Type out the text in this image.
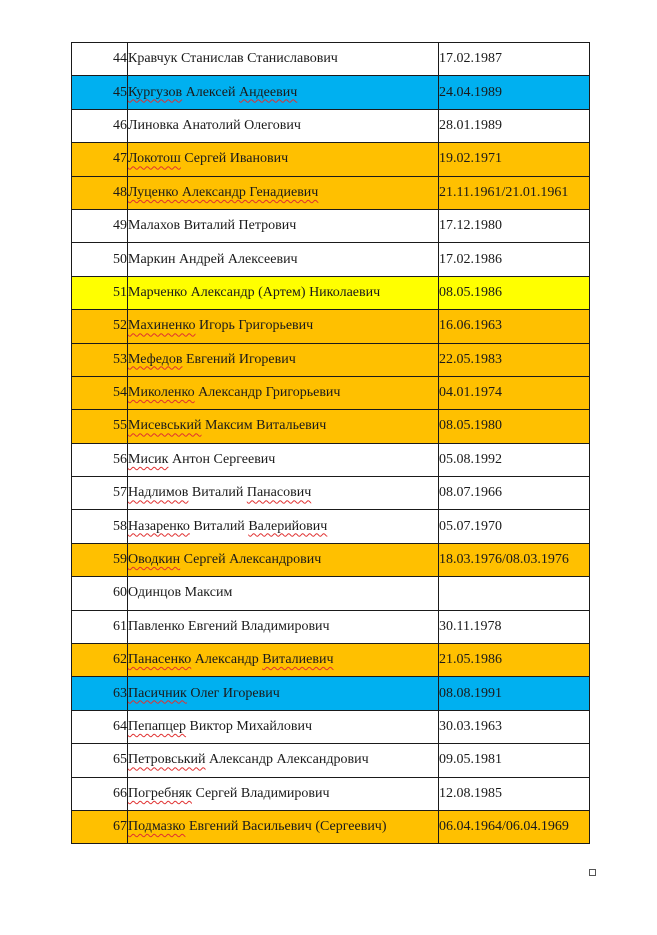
44	Кравчук Станислав Станиславович	17.02.1987
45	Кургузов Алексей Андеевич	24.04.1989
46	Линовка Анатолий Олегович	28.01.1989
47	Локотош Сергей Иванович	19.02.1971
48	Луценко Александр Генадиевич	21.11.1961/21.01.1961
49	Малахов Виталий Петрович	17.12.1980
50	Маркин Андрей Алексеевич	17.02.1986
51	Марченко Александр (Артем) Николаевич	08.05.1986
52	Махиненко Игорь Григорьевич	16.06.1963
53	Мефедов Евгений Игоревич	22.05.1983
54	Миколенко Александр Григорьевич	04.01.1974
55	Мисевський Максим Витальевич	08.05.1980
56	Мисик Антон Сергеевич	05.08.1992
57	Надлимов Виталий Панасович	08.07.1966
58	Назаренко Виталий Валерийович	05.07.1970
59	Оводкин Сергей Александрович	18.03.1976/08.03.1976
60	Одинцов Максим	
61	Павленко Евгений Владимирович	30.11.1978
62	Панасенко Александр Виталиевич	21.05.1986
63	Пасичник Олег Игоревич	08.08.1991
64	Пепапцер Виктор Михайлович	30.03.1963
65	Петровський Александр Александрович	09.05.1981
66	Погребняк Сергей Владимирович	12.08.1985
67	Подмазко Евгений Васильевич (Сергеевич)	06.04.1964/06.04.1969
